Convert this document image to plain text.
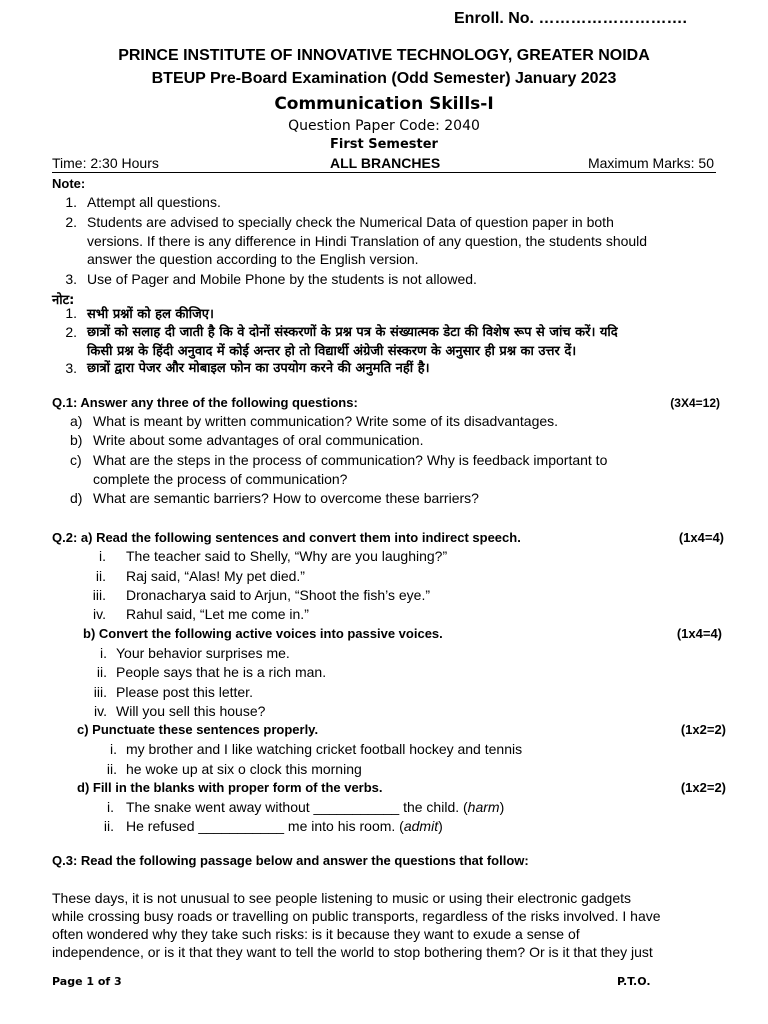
Enroll. No. ……………………….
PRINCE INSTITUTE OF INNOVATIVE TECHNOLOGY, GREATER NOIDA
BTEUP Pre-Board Examination (Odd Semester) January 2023
Communication Skills-I
Question Paper Code: 2040
First Semester
Time: 2:30 Hours	ALL BRANCHES	Maximum Marks: 50
Note:
1. Attempt all questions.
2. Students are advised to specially check the Numerical Data of question paper in both
versions. If there is any difference in Hindi Translation of any question, the students should
answer the question according to the English version.
3. Use of Pager and Mobile Phone by the students is not allowed.
नोट:
1. सभी प्रश्नों को हल कीजिए।
2. छात्रों को सलाह दी जाती है कि वे दोनों संस्करणों के प्रश्न पत्र के संख्यात्मक डेटा की विशेष रूप से जांच करें। यदि
किसी प्रश्न के हिंदी अनुवाद में कोई अन्तर हो तो विद्यार्थी अंग्रेजी संस्करण के अनुसार ही प्रश्न का उत्तर दें।
3. छात्रों द्वारा पेजर और मोबाइल फोन का उपयोग करने की अनुमति नहीं है।
Q.1: Answer any three of the following questions:	(3X4=12)
a) What is meant by written communication? Write some of its disadvantages.
b) Write about some advantages of oral communication.
c) What are the steps in the process of communication? Why is feedback important to
complete the process of communication?
d) What are semantic barriers? How to overcome these barriers?
Q.2: a) Read the following sentences and convert them into indirect speech.	(1x4=4)
i. The teacher said to Shelly, “Why are you laughing?”
ii. Raj said, “Alas! My pet died.”
iii. Dronacharya said to Arjun, “Shoot the fish’s eye.”
iv. Rahul said, “Let me come in.”
b) Convert the following active voices into passive voices.	(1x4=4)
i. Your behavior surprises me.
ii. People says that he is a rich man.
iii. Please post this letter.
iv. Will you sell this house?
c) Punctuate these sentences properly.	(1x2=2)
i. my brother and I like watching cricket football hockey and tennis
ii. he woke up at six o clock this morning
d) Fill in the blanks with proper form of the verbs.	(1x2=2)
i. The snake went away without ___________ the child. (harm)
ii. He refused ___________ me into his room. (admit)
Q.3: Read the following passage below and answer the questions that follow:
These days, it is not unusual to see people listening to music or using their electronic gadgets
while crossing busy roads or travelling on public transports, regardless of the risks involved. I have
often wondered why they take such risks: is it because they want to exude a sense of
independence, or is it that they want to tell the world to stop bothering them? Or is it that they just
Page 1 of 3	P.T.O.
